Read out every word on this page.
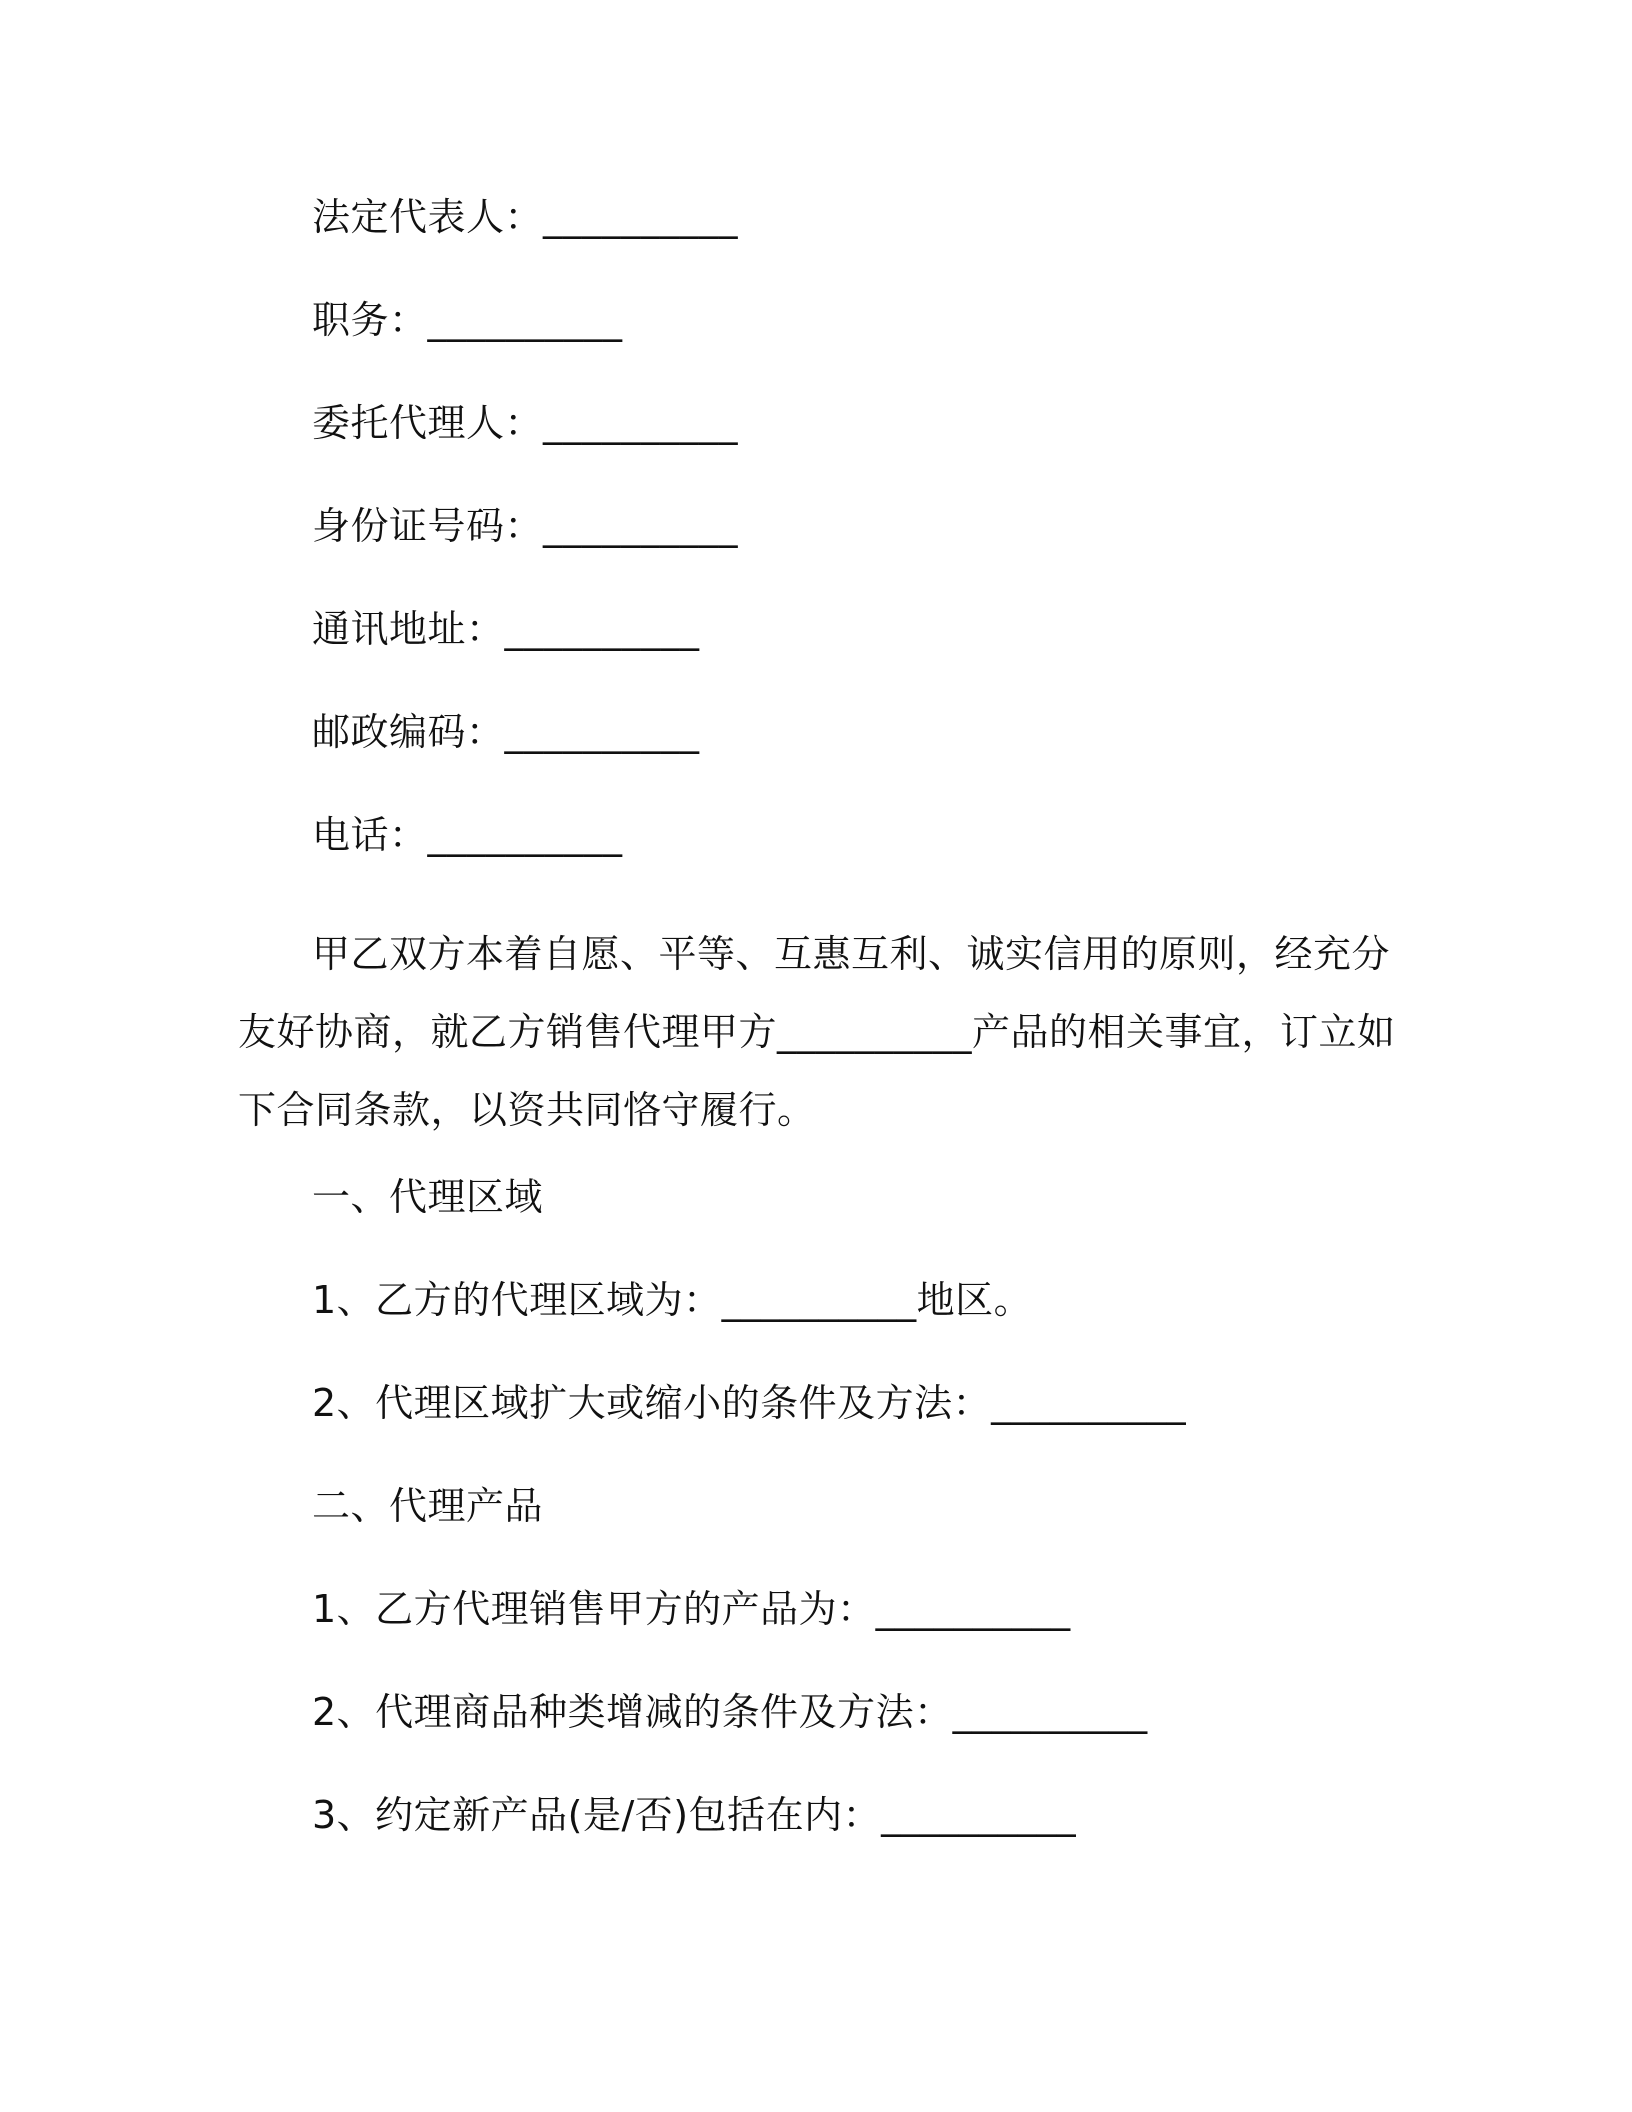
法定代表人：__________
职务：__________
委托代理人：__________
身份证号码：__________
通讯地址：__________
邮政编码：__________
电话：__________
甲乙双方本着自愿、平等、互惠互利、诚实信用的原则，经充分
友好协商，就乙方销售代理甲方__________产品的相关事宜，订立如
下合同条款，以资共同恪守履行。
一、代理区域
1、乙方的代理区域为：__________地区。
2、代理区域扩大或缩小的条件及方法：__________
二、代理产品
1、乙方代理销售甲方的产品为：__________
2、代理商品种类增减的条件及方法：__________
3、约定新产品(是/否)包括在内：__________
